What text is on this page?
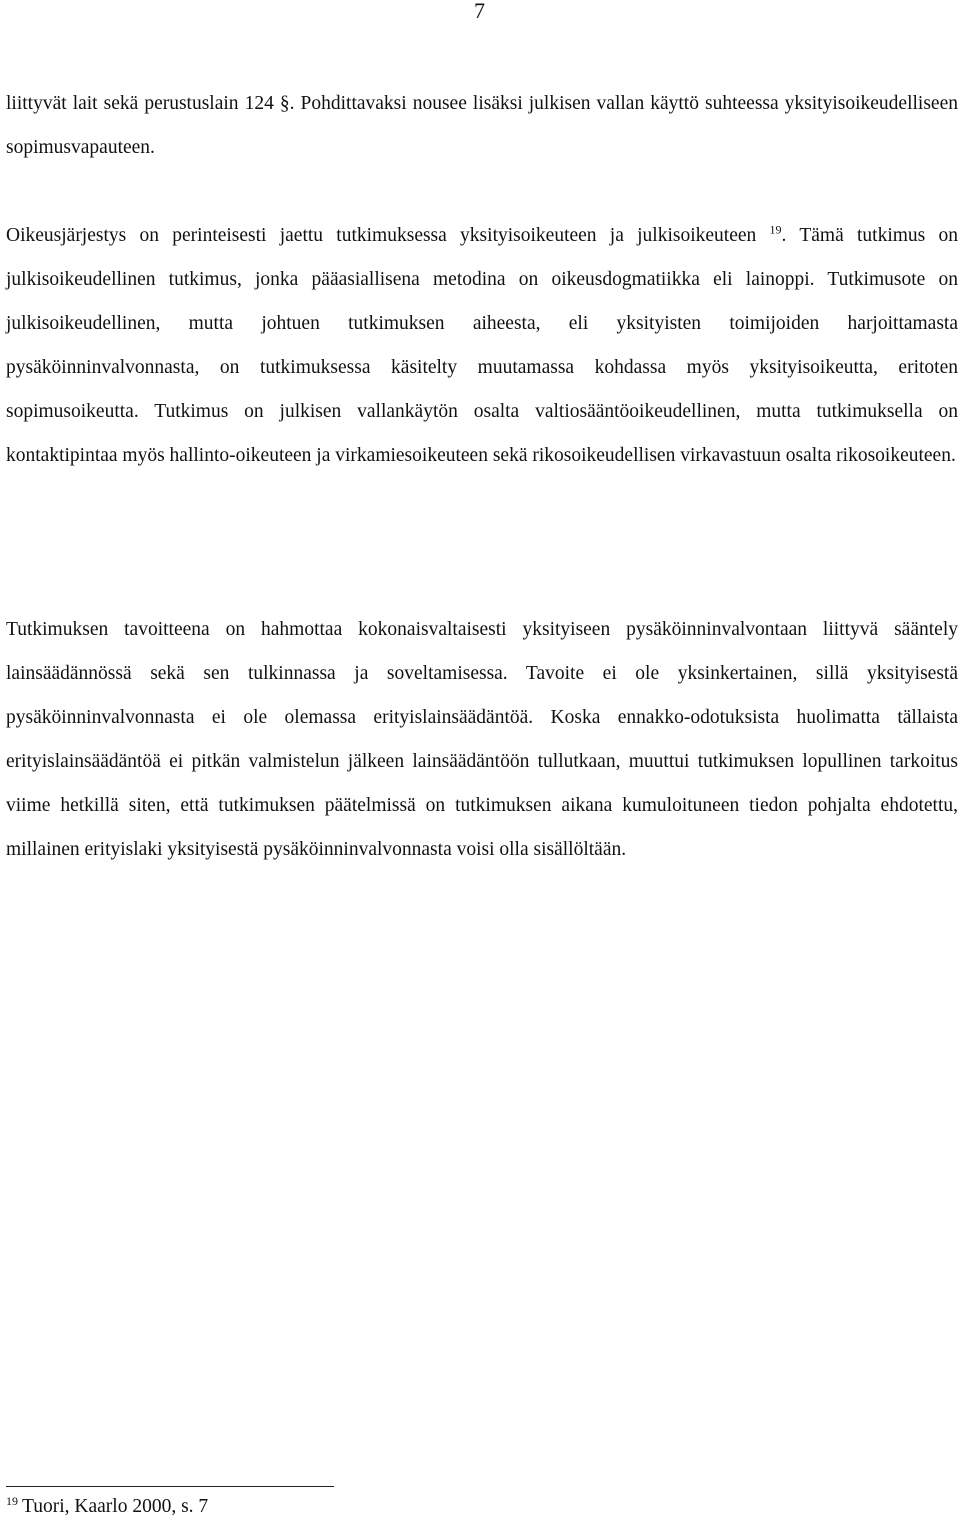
7

liittyvät lait sekä perustuslain 124 §. Pohdittavaksi nousee lisäksi julkisen vallan käyttö suhteessa yksityisoikeudelliseen sopimusvapauteen.

Oikeusjärjestys on perinteisesti jaettu tutkimuksessa yksityisoikeuteen ja julkisoikeuteen $^{19}$. Tämä tutkimus on julkisoikeudellinen tutkimus, jonka pääasiallisena metodina on oikeusdogmatiikka eli lainoppi. Tutkimusote on julkisoikeudellinen, mutta johtuen tutkimuksen aiheesta, eli yksityisten toimijoiden harjoittamasta pysäköinninvalvonnasta, on tutkimuksessa käsitelty muutamassa kohdassa myös yksityisoikeutta, eritoten sopimusoikeutta. Tutkimus on julkisen vallankäytön osalta valtiosääntöoikeudellinen, mutta tutkimuksella on kontaktipintaa myös hallinto-oikeuteen ja virkamiesoikeuteen sekä rikosoikeudellisen virkavastuun osalta rikosoikeuteen.

Tutkimuksen tavoitteena on hahmottaa kokonaisvaltaisesti yksityiseen pysäköinninvalvontaan liittyvä sääntely lainsäädännössä sekä sen tulkinnassa ja soveltamisessa. Tavoite ei ole yksinkertainen, sillä yksityisestä pysäköinninvalvonnasta ei ole olemassa erityislainsäädäntöä. Koska ennakko-odotuksista huolimatta tällaista erityislainsäädäntöä ei pitkän valmistelun jälkeen lainsäädäntöön tullutkaan, muuttui tutkimuksen lopullinen tarkoitus viime hetkillä siten, että tutkimuksen päätelmissä on tutkimuksen aikana kumuloituneen tiedon pohjalta ehdotettu, millainen erityislaki yksityisestä pysäköinninvalvonnasta voisi olla sisällöltään.

$^{19}$ Tuori, Kaarlo 2000, s. 7
